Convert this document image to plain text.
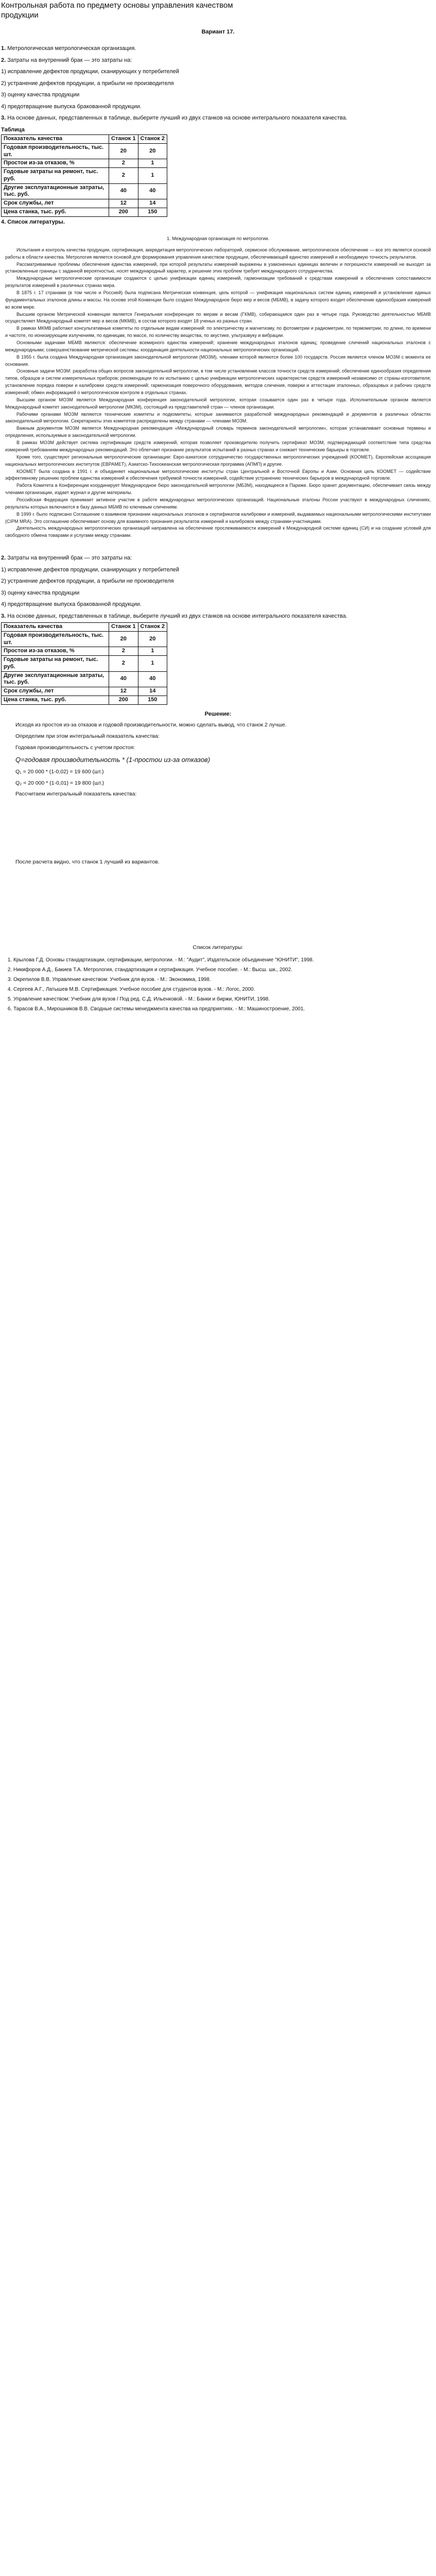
Контрольная работа по предмету основы управления качеством
продукции
Вариант 17.
1. Метрологическая метрологическая организация.
2. Затраты на внутренний брак — это затраты на:
1) исправление дефектов продукции, сканирующих у потребителей
2) устранение дефектов продукции, а прибыли не производителя
3) оценку качества продукции
4) предотвращение выпуска бракованной продукции.
3. На основе данных, представленных в таблице, выберите лучший из двух станков на основе интегрального показателя качества.
Таблица
Показатель качества	Станок 1	Станок 2
Годовая производительность, тыс. шт.	20	20
Простои из-за отказов, %	2	1
Годовые затраты на ремонт, тыс. руб.	2	1
Другие эксплуатационные затраты, тыс. руб.	40	40
Срок службы, лет	12	14
Цена станка, тыс. руб.	200	150
4. Список литературы.

1. Международная организация по метрологии.

Испытания и контроль качества продукции, сертификация, аккредитация метрологических лабораторий, сервисное обслуживание, метрологическое обеспечение — все это является основой работы в области качества. Метрология является основой для формирования управления качеством продукции, обеспечивающей единство измерений и необходимую точность результатов.

Рассматриваемые проблемы обеспечения единства измерений, при которой результаты измерений выражены в узаконенных единицах величин и погрешности измерений не выходят за установленные границы с заданной вероятностью, носят международный характер, и решение этих проблем требует международного сотрудничества.

Международные метрологические организации создаются с целью унификации единиц измерений, гармонизации требований к средствам измерений и обеспечения сопоставимости результатов измерений в различных странах мира.

В 1875 г. 17 странами (в том числе и Россией) была подписана Метрическая конвенция, цель которой — унификация национальных систем единиц измерений и установление единых фундаментальных эталонов длины и массы. На основе этой Конвенции было создано Международное бюро мер и весов (МБМВ), в задачу которого входит обеспечение единообразия измерений во всем мире.

Высшим органом Метрической конвенции является Генеральная конференция по мерам и весам (ГКМВ), собирающаяся один раз в четыре года. Руководство деятельностью МБМВ осуществляет Международный комитет мер и весов (МКМВ), в состав которого входят 18 ученых из разных стран.

В рамках МКМВ работают консультативные комитеты по отдельным видам измерений: по электричеству и магнетизму, по фотометрии и радиометрии, по термометрии, по длине, по времени и частоте, по ионизирующим излучениям, по единицам, по массе, по количеству вещества, по акустике, ультразвуку и вибрации.

Основными задачами МБМВ являются: обеспечение всемирного единства измерений; хранение международных эталонов единиц; проведение сличений национальных эталонов с международными; совершенствование метрической системы; координация деятельности национальных метрологических организаций.

В 1955 г. была создана Международная организация законодательной метрологии (МОЗМ), членами которой являются более 100 государств. Россия является членом МОЗМ с момента ее основания.

Основные задачи МОЗМ: разработка общих вопросов законодательной метрологии, в том числе установление классов точности средств измерений; обеспечение единообразия определения типов, образцов и систем измерительных приборов; рекомендации по их испытанию с целью унификации метрологических характеристик средств измерений независимо от страны-изготовителя; установление порядка поверки и калибровки средств измерений; гармонизация поверочного оборудования, методов сличения, поверки и аттестации эталонных, образцовых и рабочих средств измерений; обмен информацией о метрологическом контроле в отдельных странах.

Высшим органом МОЗМ является Международная конференция законодательной метрологии, которая созывается один раз в четыре года. Исполнительным органом является Международный комитет законодательной метрологии (МКЗМ), состоящий из представителей стран — членов организации.

Рабочими органами МОЗМ являются технические комитеты и подкомитеты, которые занимаются разработкой международных рекомендаций и документов в различных областях законодательной метрологии. Секретариаты этих комитетов распределены между странами — членами МОЗМ.

Важным документом МОЗМ является Международная рекомендация «Международный словарь терминов законодательной метрологии», которая устанавливает основные термины и определения, используемые в законодательной метрологии.

В рамках МОЗМ действует система сертификации средств измерений, которая позволяет производителю получить сертификат МОЗМ, подтверждающий соответствие типа средства измерений требованиям международных рекомендаций. Это облегчает признание результатов испытаний в разных странах и снижает технические барьеры в торговле.

Кроме того, существуют региональные метрологические организации: Евро-азиатское сотрудничество государственных метрологических учреждений (КООМЕТ), Европейская ассоциация национальных метрологических институтов (ЕВРАМЕТ), Азиатско-Тихоокеанская метрологическая программа (АПМП) и другие.

КООМЕТ была создана в 1991 г. и объединяет национальные метрологические институты стран Центральной и Восточной Европы и Азии. Основная цель КООМЕТ — содействие эффективному решению проблем единства измерений и обеспечения требуемой точности измерений, содействие устранению технических барьеров в международной торговле.

Работа Комитета в Конференции координирует Международное бюро законодательной метрологии (МБЗМ), находящееся в Париже. Бюро хранит документацию, обеспечивает связь между членами организации, издает журнал и другие материалы.

Российская Федерация принимает активное участие в работе международных метрологических организаций. Национальные эталоны России участвуют в международных сличениях, результаты которых включаются в базу данных МБМВ по ключевым сличениям.

В 1999 г. было подписано Соглашение о взаимном признании национальных эталонов и сертификатов калибровки и измерений, выдаваемых национальными метрологическими институтами (CIPM MRA). Это соглашение обеспечивает основу для взаимного признания результатов измерений и калибровок между странами-участницами.

Деятельность международных метрологических организаций направлена на обеспечение прослеживаемости измерений к Международной системе единиц (СИ) и на создание условий для свободного обмена товарами и услугами между странами.

2. Затраты на внутренний брак — это затраты на:
1) исправление дефектов продукции, сканирующих у потребителей
2) устранение дефектов продукции, а прибыли не производителя
3) оценку качества продукции
4) предотвращение выпуска бракованной продукции.
3. На основе данных, представленных в таблице, выберите лучший из двух станков на основе интегрального показателя качества.
Показатель качества	Станок 1	Станок 2
Годовая производительность, тыс. шт.	20	20
Простои из-за отказов, %	2	1
Годовые затраты на ремонт, тыс. руб.	2	1
Другие эксплуатационные затраты, тыс. руб.	40	40
Срок службы, лет	12	14
Цена станка, тыс. руб.	200	150
Решение:
Исходя из простоя из-за отказов и годовой производительности, можно сделать вывод, что станок 2 лучше.
Определим при этом интегральный показатель качества:
Годовая производительность с учетом простоя:
Q=годовая производительность * (1-простои из-за отказов)
Q₁ = 20 000 * (1-0,02) = 19 600 (шт.)
Q₂ = 20 000 * (1-0,01) = 19 800 (шт.)
Рассчитаем интегральный показатель качества:
После расчета видно, что станок 1 лучший из вариантов.
Список литературы:
1. Крылова Г.Д. Основы стандартизации, сертификации, метрологии. - М.: "Аудит", Издательское объединение "ЮНИТИ", 1998.
2. Никифоров А.Д., Бакиев Т.А. Метрология, стандартизация и сертификация. Учебное пособие. - М.: Высш. шк., 2002.
3. Окрепилов В.В. Управление качеством: Учебник для вузов. - М.: Экономика, 1998.
4. Сергеев А.Г., Латышев М.В. Сертификация. Учебное пособие для студентов вузов. - М.: Логос, 2000.
5. Управление качеством: Учебник для вузов / Под ред. С.Д. Ильенковой. - М.: Банки и биржи, ЮНИТИ, 1998.
6. Тарасов В.А., Мирошников В.В. Сводные системы менеджмента качества на предприятиях. - М.: Машиностроение, 2001.
